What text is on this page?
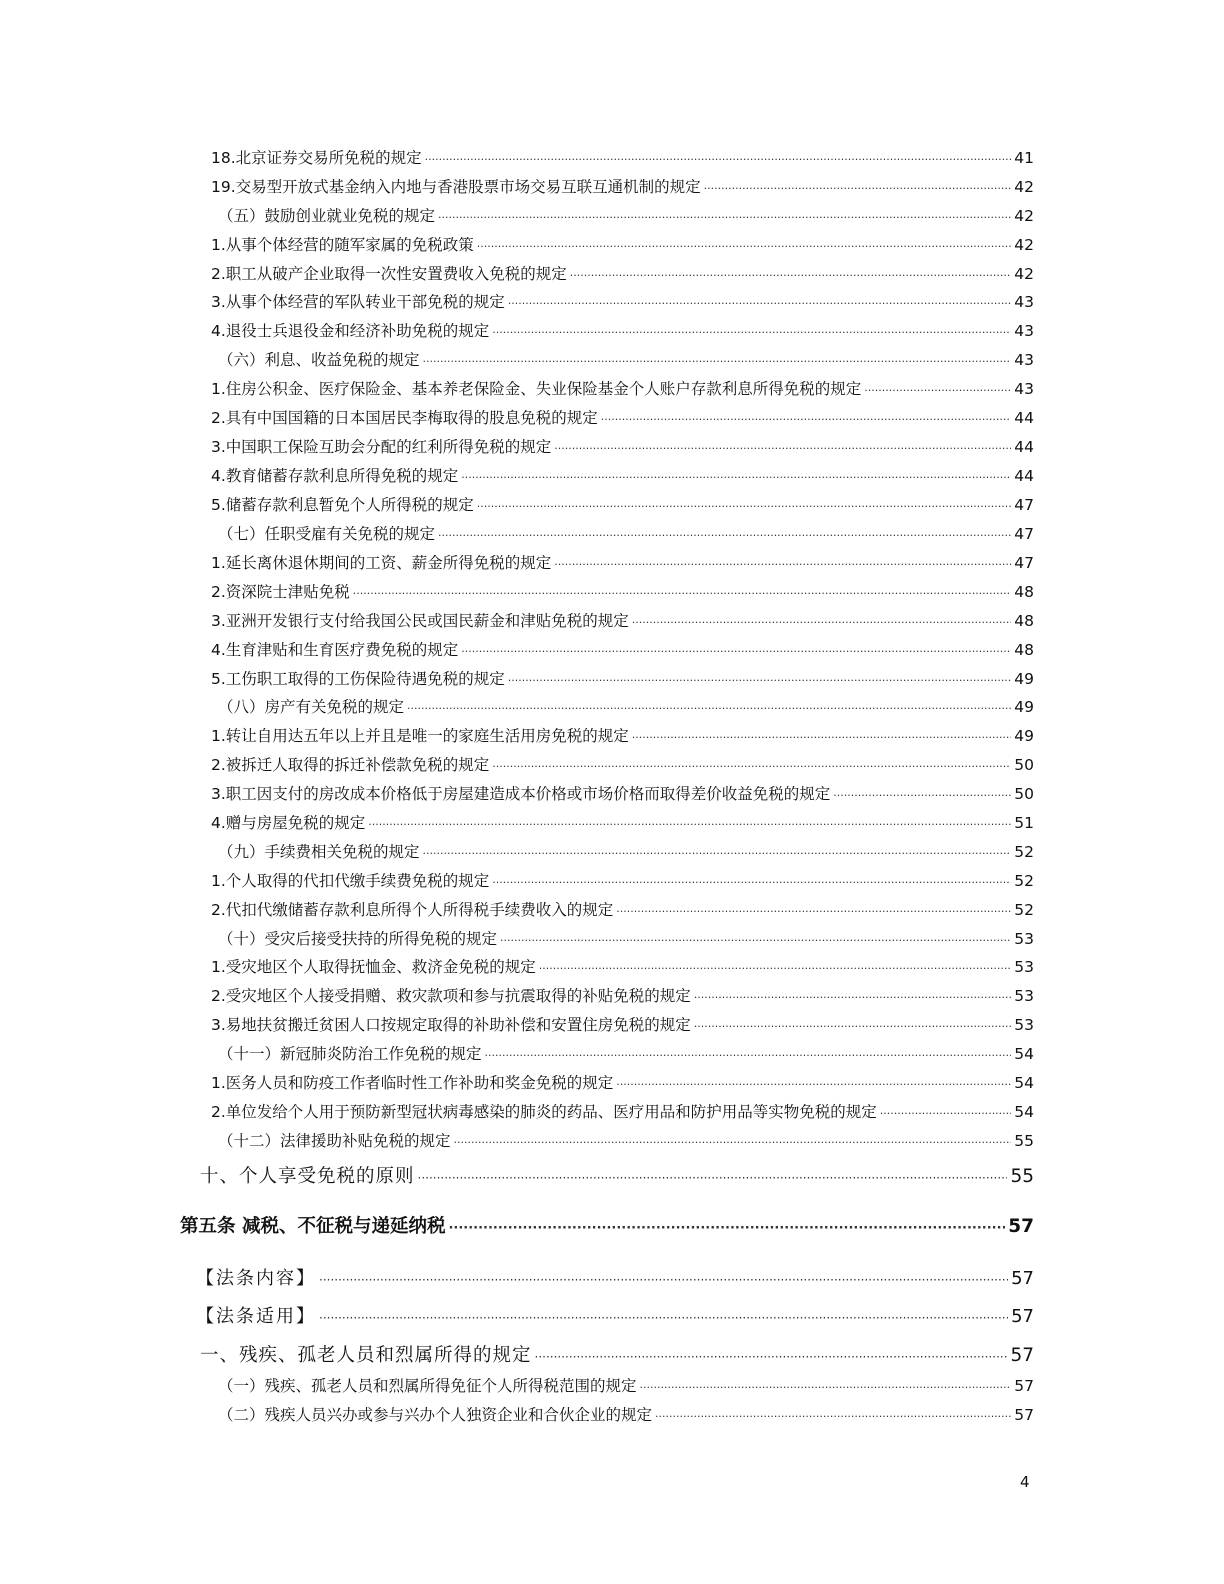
18.北京证券交易所免税的规定 ·····	41
19.交易型开放式基金纳入内地与香港股票市场交易互联互通机制的规定 ·····	42
（五）鼓励创业就业免税的规定 ·····	42
1.从事个体经营的随军家属的免税政策 ·····	42
2.职工从破产企业取得一次性安置费收入免税的规定 ·····	42
3.从事个体经营的军队转业干部免税的规定 ·····	43
4.退役士兵退役金和经济补助免税的规定 ·····	43
（六）利息、收益免税的规定 ·····	43
1.住房公积金、医疗保险金、基本养老保险金、失业保险基金个人账户存款利息所得免税的规定 ·····	43
2.具有中国国籍的日本国居民李梅取得的股息免税的规定 ·····	44
3.中国职工保险互助会分配的红利所得免税的规定 ·····	44
4.教育储蓄存款利息所得免税的规定 ·····	44
5.储蓄存款利息暂免个人所得税的规定 ·····	47
（七）任职受雇有关免税的规定 ·····	47
1.延长离休退休期间的工资、薪金所得免税的规定 ·····	47
2.资深院士津贴免税 ·····	48
3.亚洲开发银行支付给我国公民或国民薪金和津贴免税的规定 ·····	48
4.生育津贴和生育医疗费免税的规定 ·····	48
5.工伤职工取得的工伤保险待遇免税的规定 ·····	49
（八）房产有关免税的规定 ·····	49
1.转让自用达五年以上并且是唯一的家庭生活用房免税的规定 ·····	49
2.被拆迁人取得的拆迁补偿款免税的规定 ·····	50
3.职工因支付的房改成本价格低于房屋建造成本价格或市场价格而取得差价收益免税的规定 ·····	50
4.赠与房屋免税的规定 ·····	51
（九）手续费相关免税的规定 ·····	52
1.个人取得的代扣代缴手续费免税的规定 ·····	52
2.代扣代缴储蓄存款利息所得个人所得税手续费收入的规定 ·····	52
（十）受灾后接受扶持的所得免税的规定 ·····	53
1.受灾地区个人取得抚恤金、救济金免税的规定 ·····	53
2.受灾地区个人接受捐赠、救灾款项和参与抗震取得的补贴免税的规定 ·····	53
3.易地扶贫搬迁贫困人口按规定取得的补助补偿和安置住房免税的规定 ·····	53
（十一）新冠肺炎防治工作免税的规定 ·····	54
1.医务人员和防疫工作者临时性工作补助和奖金免税的规定 ·····	54
2.单位发给个人用于预防新型冠状病毒感染的肺炎的药品、医疗用品和防护用品等实物免税的规定 ·····	54
（十二）法律援助补贴免税的规定 ·····	55
十、个人享受免税的原则 ·····	55
第五条 减税、不征税与递延纳税 ·····	57
【法条内容】 ·····	57
【法条适用】 ·····	57
一、残疾、孤老人员和烈属所得的规定 ·····	57
（一）残疾、孤老人员和烈属所得免征个人所得税范围的规定 ·····	57
（二）残疾人员兴办或参与兴办个人独资企业和合伙企业的规定 ·····	57
4
